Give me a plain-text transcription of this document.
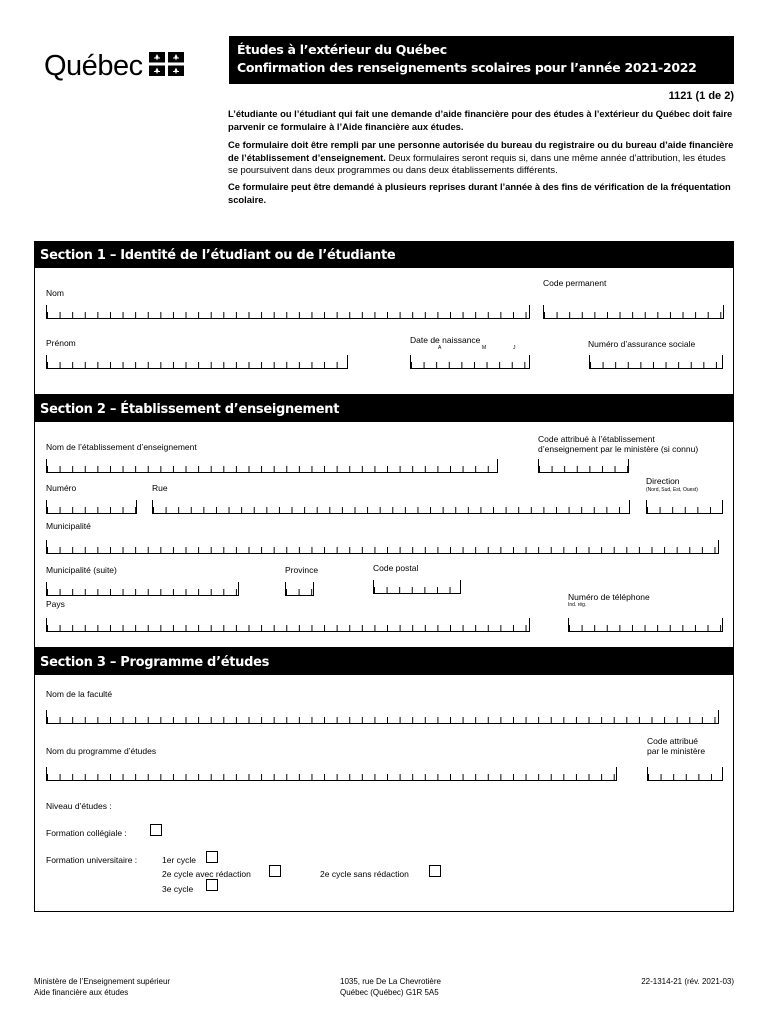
Québec
Études à l’extérieur du Québec
Confirmation des renseignements scolaires pour l’année 2021-2022
1121 (1 de 2)
L’étudiante ou l’étudiant qui fait une demande d’aide financière pour des études à l’extérieur du Québec doit faire parvenir ce formulaire à l’Aide financière aux études.
Ce formulaire doit être rempli par une personne autorisée du bureau du registraire ou du bureau d’aide financière de l’établissement d’enseignement. Deux formulaires seront requis si, dans une même année d’attribution, les études se poursuivent dans deux programmes ou dans deux établissements différents.
Ce formulaire peut être demandé à plusieurs reprises durant l’année à des fins de vérification de la fréquentation scolaire.
Section 1 – Identité de l’étudiant ou de l’étudiante
Nom
Code permanent
Prénom	Date de naissance
A	M	J	Numéro d’assurance sociale
Section 2 – Établissement d’enseignement
Nom de l’établissement d’enseignement
Code attribué à l’établissement
d’enseignement par le ministère (si connu)
Numéro	Rue
Direction
(Nord, Sud, Est, Ouest)
Municipalité
Municipalité (suite)	Province	Code postal
Pays
Numéro de téléphone
Ind. rég.
Section 3 – Programme d’études
Nom de la faculté
Nom du programme d’études
Code attribué
par le ministère
Niveau d’études :
Formation collégiale :
Formation universitaire :	1er cycle
2e cycle avec rédaction	2e cycle sans rédaction
3e cycle
Ministère de l’Enseignement supérieur
Aide financière aux études
1035, rue De La Chevrotière
Québec (Québec) G1R 5A5
22-1314-21 (rév. 2021-03)
